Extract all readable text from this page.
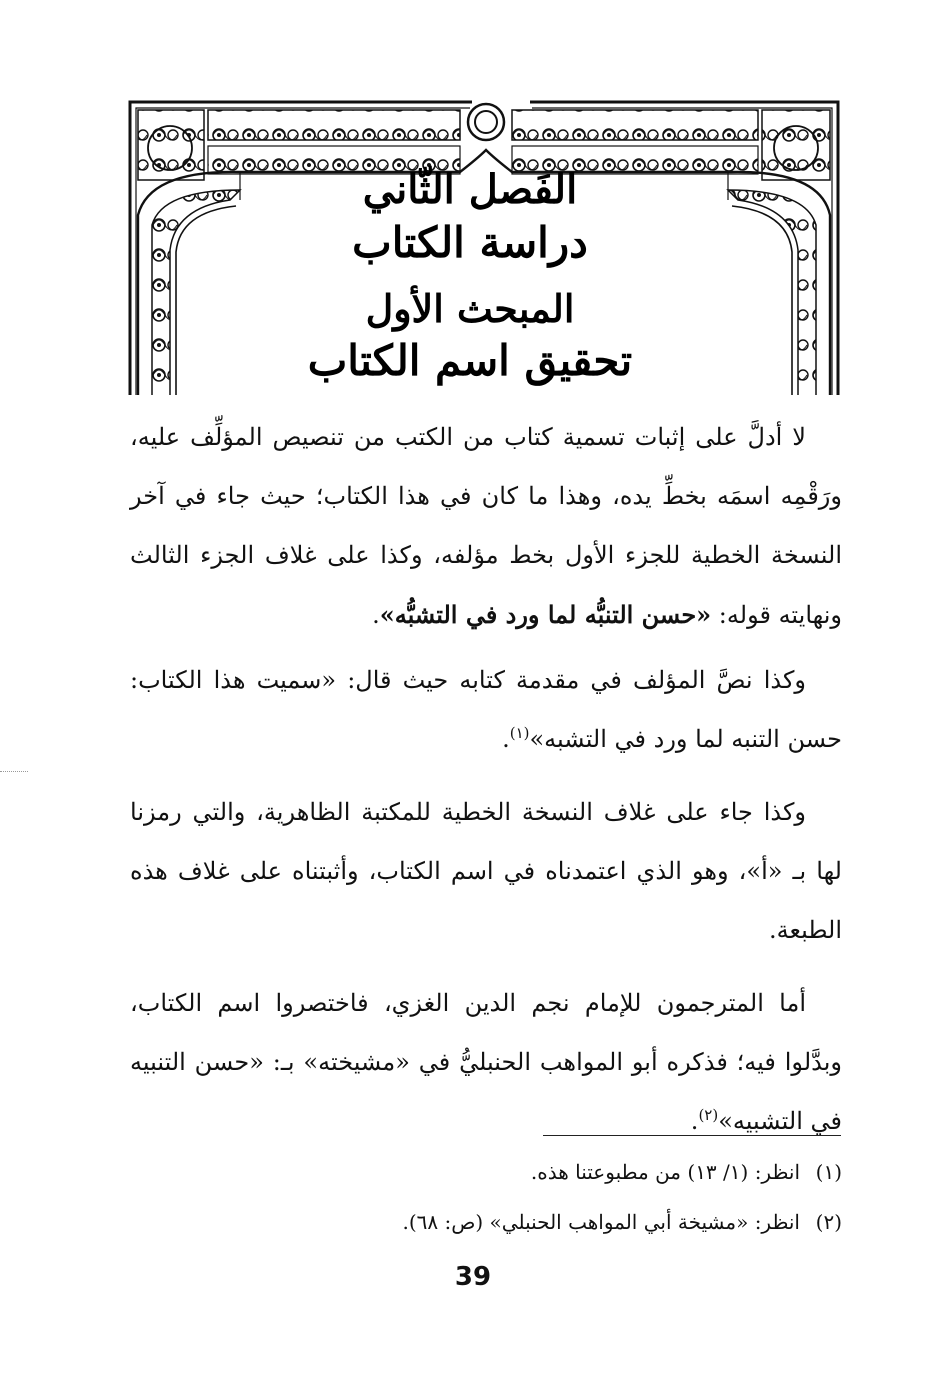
الفَصل الثّاني
دراسة الكتاب
المبحث الأول
تحقيق اسم الكتاب

لا أدلَّ على إثبات تسمية كتاب من الكتب من تنصيص المؤلِّف عليه، ورَقْمِه اسمَه بخطِّ يده، وهذا ما كان في هذا الكتاب؛ حيث جاء في آخر النسخة الخطية للجزء الأول بخط مؤلفه، وكذا على غلاف الجزء الثالث ونهايته قوله: «حسن التنبُّه لما ورد في التشبُّه».

وكذا نصَّ المؤلف في مقدمة كتابه حيث قال: «سميت هذا الكتاب: حسن التنبه لما ورد في التشبه»$^{(١)}$.

وكذا جاء على غلاف النسخة الخطية للمكتبة الظاهرية، والتي رمزنا لها بـ «أ»، وهو الذي اعتمدناه في اسم الكتاب، وأثبتناه على غلاف هذه الطبعة.

أما المترجمون للإمام نجم الدين الغزي، فاختصروا اسم الكتاب، وبدَّلوا فيه؛ فذكره أبو المواهب الحنبليُّ في «مشيخته» بـ: «حسن التنبيه في التشبيه»$^{(٢)}$.

(١)انظر: (١/ ١٣) من مطبوعتنا هذه.
(٢)انظر: «مشيخة أبي المواهب الحنبلي» (ص: ٦٨).
39
